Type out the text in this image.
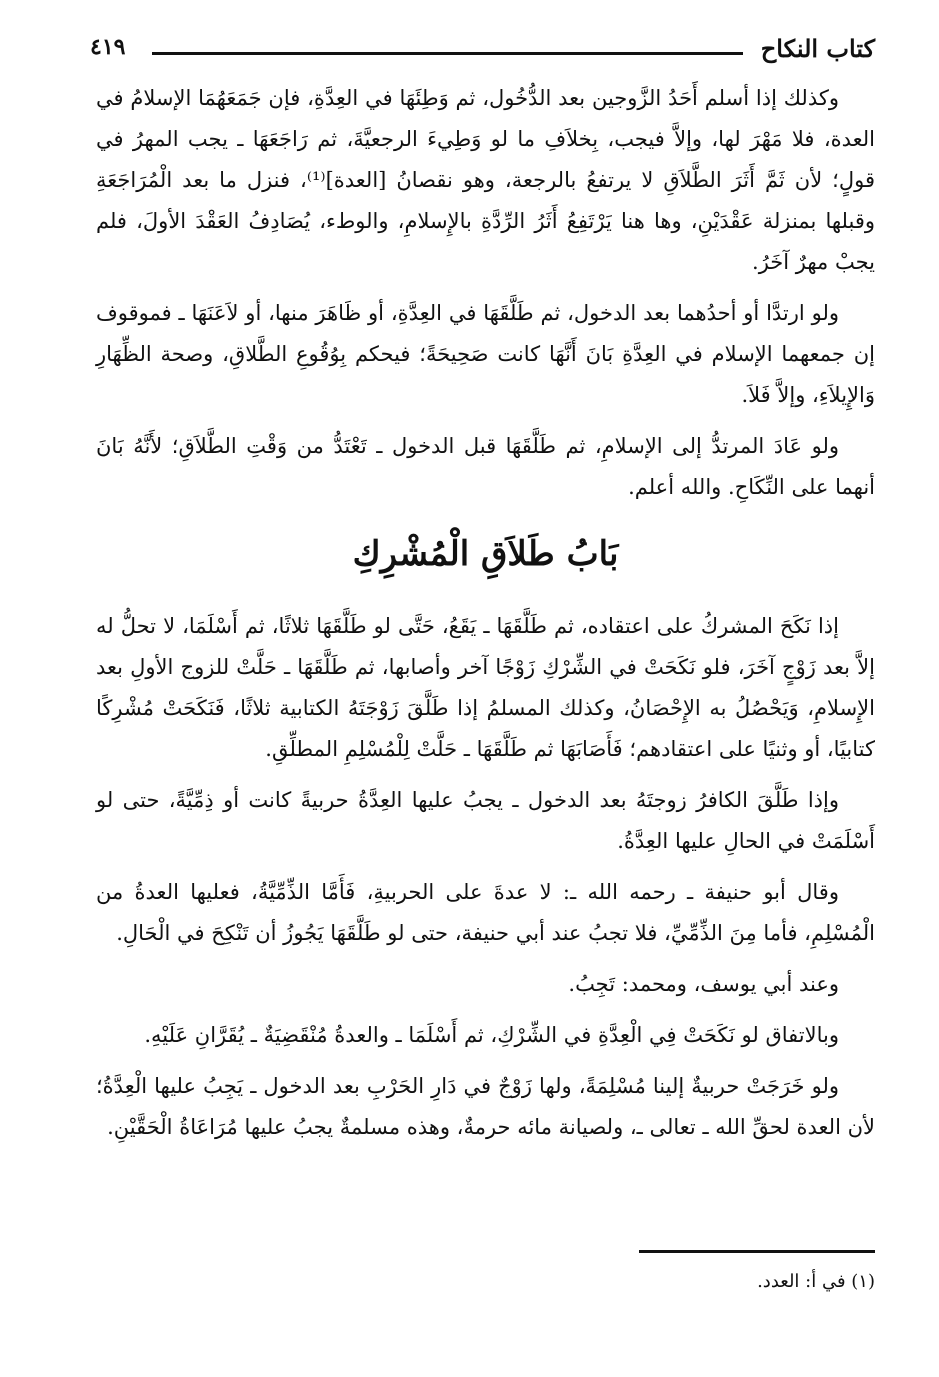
كتاب النكاح
٤١٩

وكذلك إذا أسلم أَحَدُ الزَّوجين بعد الدُّخُول، ثم وَطِئَهَا في العِدَّةِ، فإن جَمَعَهُمَا الإسلامُ في العدة، فلا مَهْرَ لها، وإلاَّ فيجب، بِخلاَفِ ما لو وَطِيءَ الرجعيَّةَ، ثم رَاجَعَهَا ـ يجب المهرُ في قولٍ؛ لأن ثَمَّ أَثَرَ الطَّلاَقِ لا يرتفعُ بالرجعة، وهو نقصانُ [العدة]⁽¹⁾، فنزل ما بعد الْمُرَاجَعَةِ وقبلها بمنزلة عَقْدَيْنِ، وها هنا يَرْتَفِعُ أَثَرُ الرِّدَّةِ بالإِسلامِ، والوطء، يُصَادِفُ العَقْدَ الأولَ، فلم يجبْ مهرٌ آخَرُ.

ولو ارتدَّا أو أحدُهما بعد الدخول، ثم طَلَّقَهَا في العِدَّةِ، أو ظَاهَرَ منها، أو لاَعَنَهَا ـ فموقوف إن جمعهما الإسلام في العِدَّةِ بَانَ أَنَّهَا كانت صَحِيحَةً؛ فيحكم بِوُقُوعِ الطَّلاقِ، وصحة الظِّهَارِ وَالإِيلاَءِ، وإلاَّ فَلاَ.

ولو عَادَ المرتدُّ إلى الإسلامِ، ثم طَلَّقَهَا قبل الدخول ـ تَعْتَدُّ من وَقْتِ الطَّلاَقِ؛ لأَنَّهُ بَانَ أنهما على النِّكَاحِ. والله أعلم.

بَابُ طَلاَقِ الْمُشْرِكِ

إذا نَكَحَ المشركُ على اعتقاده، ثم طَلَّقَهَا ـ يَقَعُ، حَتَّى لو طَلَّقَهَا ثلاثًا، ثم أَسْلَمَا، لا تحلُّ له إلاَّ بعد زَوْجٍ آخَرَ، فلو نَكَحَتْ في الشِّرْكِ زَوْجًا آخر وأصابها، ثم طَلَّقَهَا ـ حَلَّتْ للزوج الأولِ بعد الإِسلامِ، وَيَحْصُلُ به الإِحْصَانُ، وكذلك المسلمُ إذا طَلَّقَ زَوْجَتَهُ الكتابية ثلاثًا، فَنَكَحَتْ مُشْرِكًا كتابيًا، أو وثنيًا على اعتقادهم؛ فَأَصَابَهَا ثم طَلَّقَهَا ـ حَلَّتْ لِلْمُسْلِمِ المطلِّقِ.

وإذا طَلَّقَ الكافرُ زوجتَهُ بعد الدخول ـ يجبُ عليها العِدَّةُ حربيةً كانت أو ذِمِّيَّةً، حتى لو أَسْلَمَتْ في الحالِ عليها العِدَّةُ.

وقال أبو حنيفة ـ رحمه الله ـ: لا عدةَ على الحربيةِ، فَأَمَّا الذِّمِّيَّةُ، فعليها العدةُ من الْمُسْلِمِ، فأما مِنَ الذِّمِّيِّ، فلا تجبُ عند أبي حنيفة، حتى لو طَلَّقَهَا يَجُوزُ أن تَنْكِحَ في الْحَالِ.

وعند أبي يوسف، ومحمد: تَجِبُ.

وبالاتفاق لو نَكَحَتْ فِي الْعِدَّةِ في الشِّرْكِ، ثم أَسْلَمَا ـ والعدةُ مُنْقَضِيَةٌ ـ يُقَرَّانِ عَلَيْهِ.

ولو خَرَجَتْ حربيةٌ إلينا مُسْلِمَةً، ولها زَوْجٌ في دَارِ الحَرْبِ بعد الدخول ـ يَجِبُ عليها الْعِدَّةُ؛ لأن العدة لحقِّ الله ـ تعالى ـ، ولصيانة مائه حرمةٌ، وهذه مسلمةٌ يجبُ عليها مُرَاعَاةُ الْحَقَّيْنِ.

(١) في أ: العدد.
